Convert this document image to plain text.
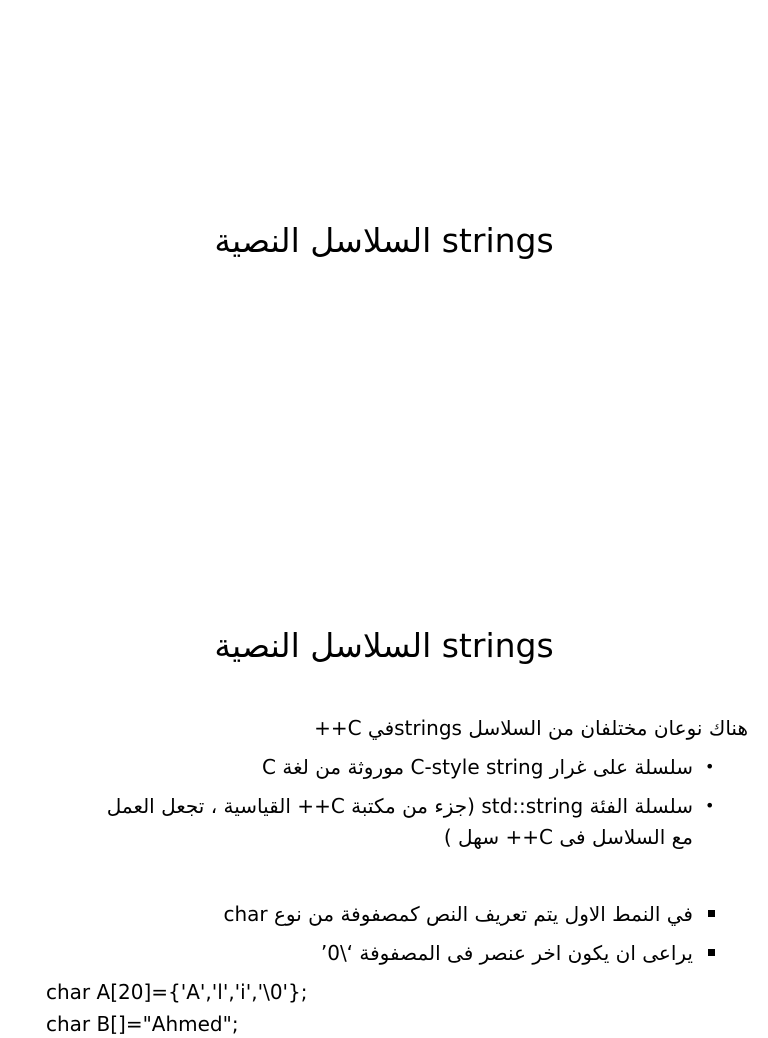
السلاسل النصية strings
السلاسل النصية strings
هناك نوعان مختلفان من السلاسل stringsفي C++
•
سلسلة على غرار C-style string موروثة من لغة C
•
سلسلة الفئة std::string (جزء من مكتبة C++ القياسية ، تجعل العمل
مع السلاسل فى C++ سهل )
في النمط الاول يتم تعريف النص كمصفوفة من نوع char
يراعى ان يكون اخر عنصر فى المصفوفة ‘\0’
char A[20]={'A','l','i','\0'};
char B[]="Ahmed";
